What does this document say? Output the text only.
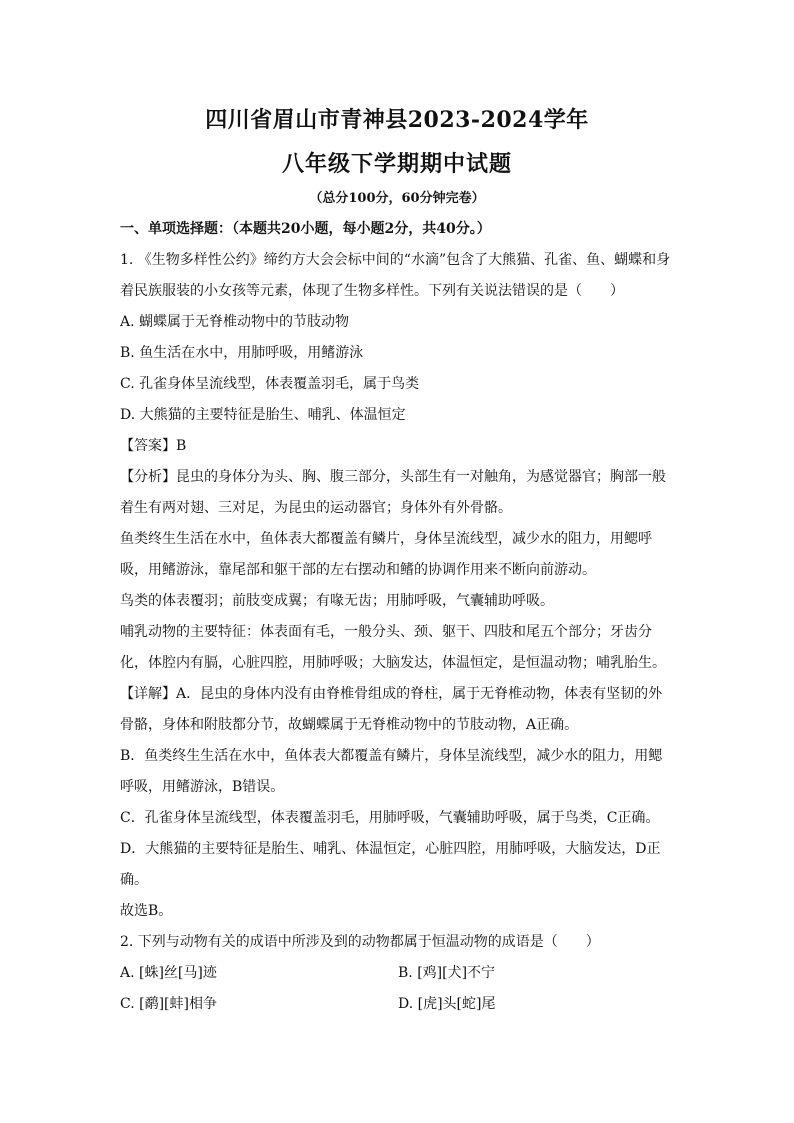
四川省眉山市青神县2023-2024学年
八年级下学期期中试题
（总分100分，60分钟完卷）
一、单项选择题：（本题共20小题，每小题2分，共40分。）
1. 《生物多样性公约》缔约方大会会标中间的“水滴”包含了大熊猫、孔雀、鱼、蝴蝶和身
着民族服装的小女孩等元素，体现了生物多样性。下列有关说法错误的是（　　）
A. 蝴蝶属于无脊椎动物中的节肢动物
B. 鱼生活在水中，用肺呼吸，用鳍游泳
C. 孔雀身体呈流线型，体表覆盖羽毛，属于鸟类
D. 大熊猫的主要特征是胎生、哺乳、体温恒定
【答案】B
【分析】昆虫的身体分为头、胸、腹三部分，头部生有一对触角，为感觉器官；胸部一般
着生有两对翅、三对足，为昆虫的运动器官；身体外有外骨骼。
鱼类终生生活在水中，鱼体表大都覆盖有鳞片，身体呈流线型，减少水的阻力，用鳃呼
吸，用鳍游泳，靠尾部和躯干部的左右摆动和鳍的协调作用来不断向前游动。
鸟类的体表覆羽；前肢变成翼；有喙无齿；用肺呼吸，气囊辅助呼吸。
哺乳动物的主要特征：体表面有毛，一般分头、颈、躯干、四肢和尾五个部分；牙齿分
化，体腔内有膈，心脏四腔，用肺呼吸；大脑发达，体温恒定，是恒温动物；哺乳胎生。
【详解】A．昆虫的身体内没有由脊椎骨组成的脊柱，属于无脊椎动物，体表有坚韧的外
骨骼，身体和附肢都分节，故蝴蝶属于无脊椎动物中的节肢动物，A正确。
B．鱼类终生生活在水中，鱼体表大都覆盖有鳞片，身体呈流线型，减少水的阻力，用鳃
呼吸，用鳍游泳，B错误。
C．孔雀身体呈流线型，体表覆盖羽毛，用肺呼吸，气囊辅助呼吸，属于鸟类，C正确。
D．大熊猫的主要特征是胎生、哺乳、体温恒定，心脏四腔，用肺呼吸，大脑发达，D正
确。
故选B。
2. 下列与动物有关的成语中所涉及到的动物都属于恒温动物的成语是（　　）
A. [蛛]丝[马]迹	B. [鸡][犬]不宁
C. [鹬][蚌]相争	D. [虎]头[蛇]尾
